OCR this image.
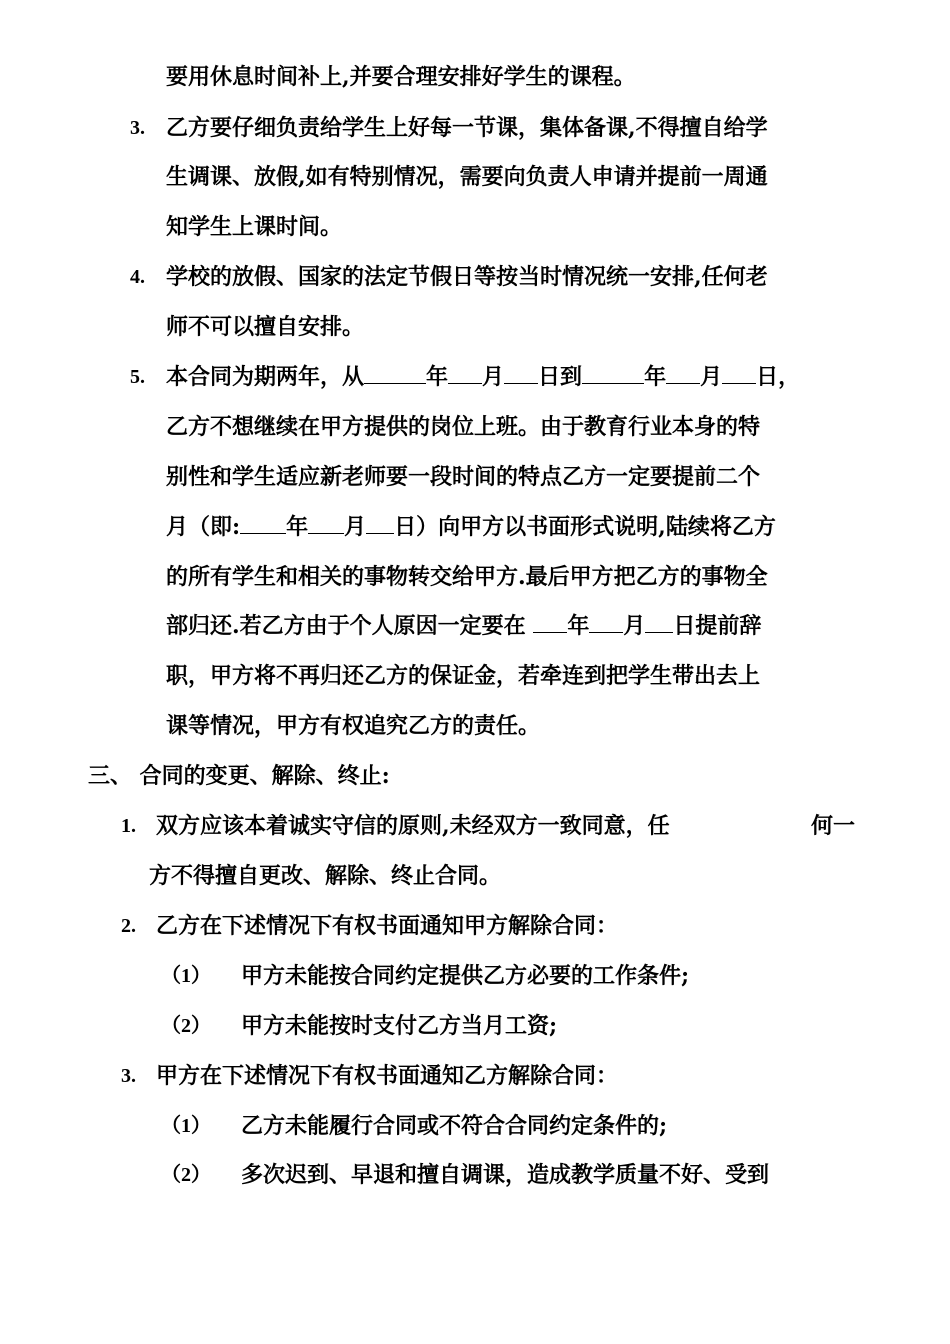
要用休息时间补上,并要合理安排好学生的课程。
3. 乙方要仔细负责给学生上好每一节课，集体备课,不得擅自给学
生调课、放假,如有特别情况，需要向负责人申请并提前一周通
知学生上课时间。
4. 学校的放假、国家的法定节假日等按当时情况统一安排,任何老
师不可以擅自安排。
5. 本合同为期两年，从	年 月 日到	年 月 日，
乙方不想继续在甲方提供的岗位上班。由于教育行业本身的特
别性和学生适应新老师要一段时间的特点乙方一定要提前二个
月（即: 年 月 日）向甲方以书面形式说明,陆续将乙方
的所有学生和相关的事物转交给甲方.最后甲方把乙方的事物全
部归还.若乙方由于个人原因一定要在 年 月 日提前辞
职，甲方将不再归还乙方的保证金，若牵连到把学生带出去上
课等情况，甲方有权追究乙方的责任。
三、 合同的变更、解除、终止:
1. 双方应该本着诚实守信的原则,未经双方一致同意，任	何一
方不得擅自更改、解除、终止合同。
2. 乙方在下述情况下有权书面通知甲方解除合同：
（1） 甲方未能按合同约定提供乙方必要的工作条件;
（2） 甲方未能按时支付乙方当月工资;
3. 甲方在下述情况下有权书面通知乙方解除合同：
（1） 乙方未能履行合同或不符合合同约定条件的;
（2） 多次迟到、早退和擅自调课，造成教学质量不好、受到
